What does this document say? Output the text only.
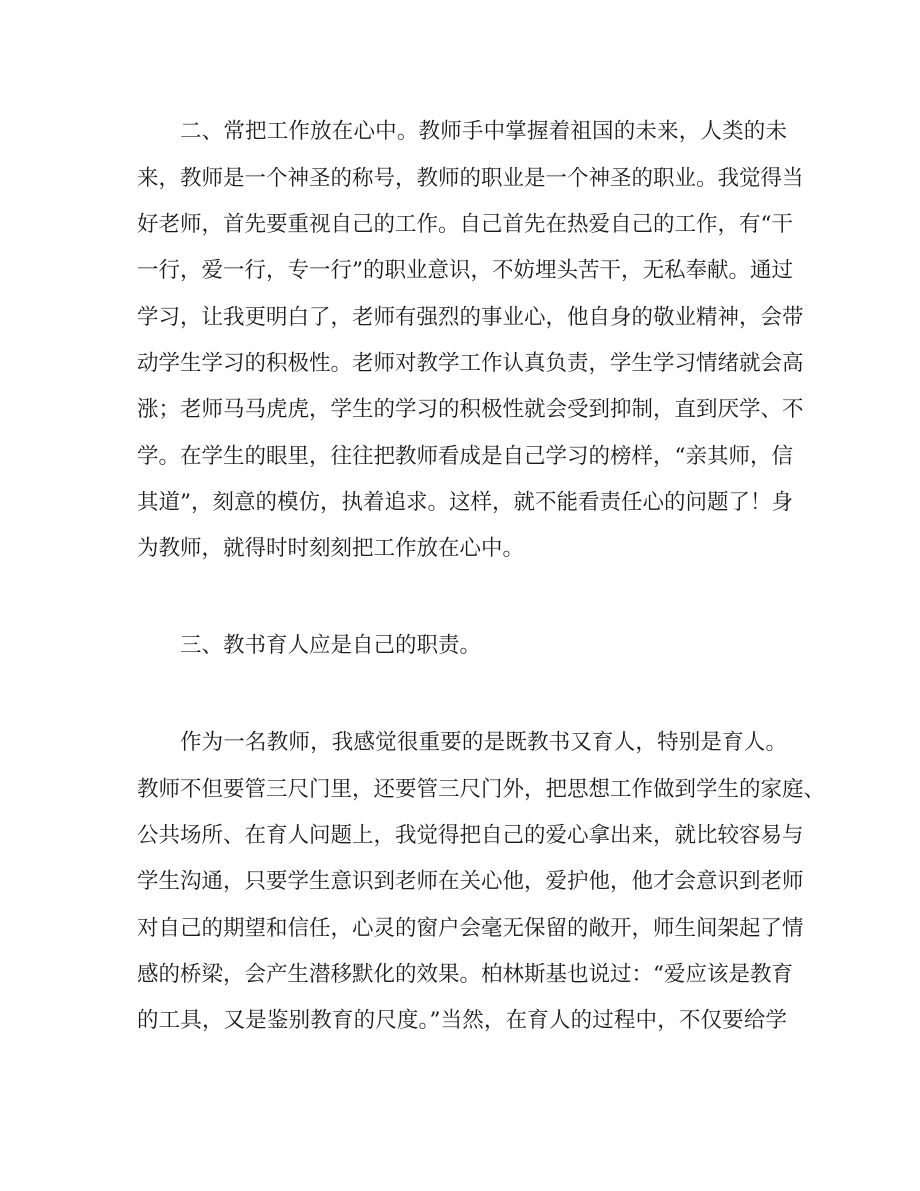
二、常把工作放在心中。教师手中掌握着祖国的未来，人类的未
来，教师是一个神圣的称号，教师的职业是一个神圣的职业。我觉得当
好老师，首先要重视自己的工作。自己首先在热爱自己的工作，有“干
一行，爱一行，专一行”的职业意识，不妨埋头苦干，无私奉献。通过
学习，让我更明白了，老师有强烈的事业心，他自身的敬业精神，会带
动学生学习的积极性。老师对教学工作认真负责，学生学习情绪就会高
涨；老师马马虎虎，学生的学习的积极性就会受到抑制，直到厌学、不
学。在学生的眼里，往往把教师看成是自己学习的榜样，“亲其师，信
其道”，刻意的模仿，执着追求。这样，就不能看责任心的问题了！身
为教师，就得时时刻刻把工作放在心中。
三、教书育人应是自己的职责。
作为一名教师，我感觉很重要的是既教书又育人，特别是育人。
教师不但要管三尺门里，还要管三尺门外，把思想工作做到学生的家庭、
公共场所、在育人问题上，我觉得把自己的爱心拿出来，就比较容易与
学生沟通，只要学生意识到老师在关心他，爱护他，他才会意识到老师
对自己的期望和信任，心灵的窗户会毫无保留的敞开，师生间架起了情
感的桥梁，会产生潜移默化的效果。柏林斯基也说过：“爱应该是教育
的工具，又是鉴别教育的尺度。”当然，在育人的过程中，不仅要给学
